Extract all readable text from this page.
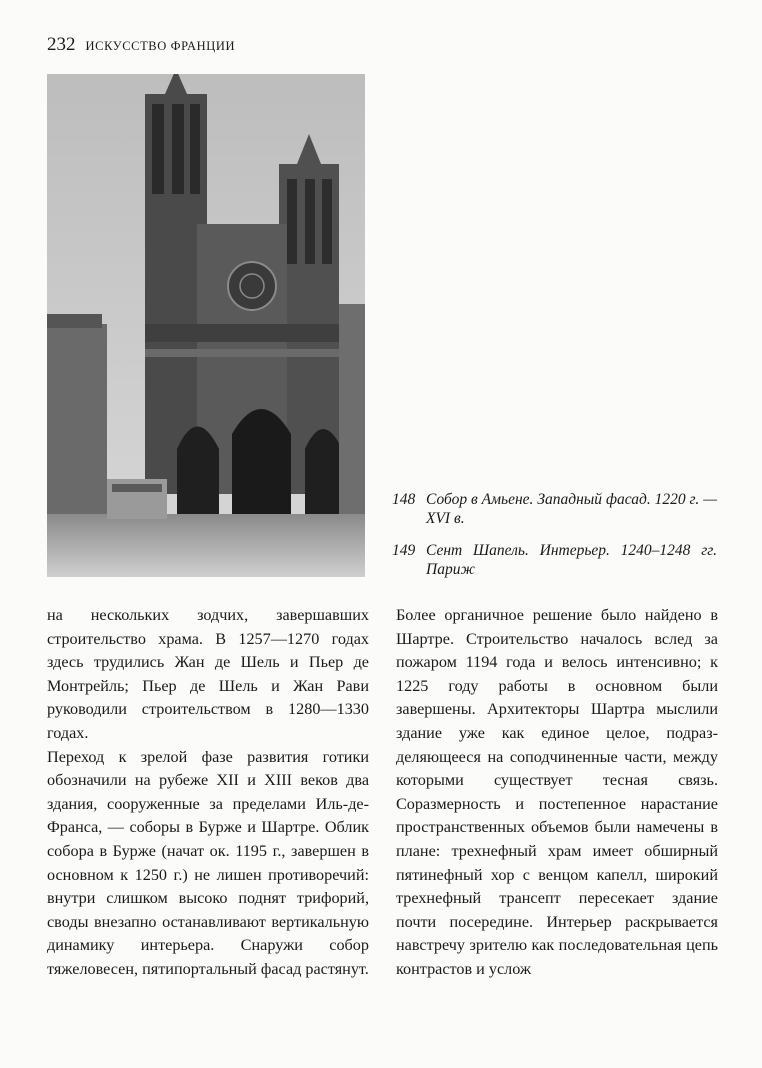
232 ИСКУССТВО ФРАНЦИИ
148 Собор в Амьене. Западный фасад. 1220 г. — XVI в.
149 Сент Шапель. Интерьер. 1240–1248 гг. Париж

на нескольких зодчих, завершавших строительство храма. В 1257—1270 годах здесь трудились Жан де Шель и Пьер де Монтрейль; Пьер де Шель и Жан Рави руководили строительством в 1280—1330 годах.

Переход к зрелой фазе развития готики обозначили на рубеже XII и XIII веков два здания, сооруженные за пределами Иль-де-Франса, — соборы в Бурже и Шартре. Облик собора в Бурже (начат ок. 1195 г., завершен в основном к 1250 г.) не лишен противоречий: внутри слишком высоко поднят трифорий, своды внезапно останавливают вертикальную динамику интерьера. Снаружи собор тяжеловесен, пятипортальный фасад растянут.

Более органичное решение было найдено в Шартре. Строительство началось вслед за пожаром 1194 года и велось интенсивно; к 1225 году работы в основном были завершены. Архитекторы Шартра мыслили здание уже как единое целое, подразделяющееся на соподчиненные части, между которыми существует тесная связь. Соразмерность и постепенное нарастание пространственных объемов были намечены в плане: трехнефный храм имеет обширный пятинефный хор с венцом капелл, широкий трехнефный трансепт пересекает здание почти посередине. Интерьер раскрывается навстречу зрителю как последовательная цепь контрастов и услож
